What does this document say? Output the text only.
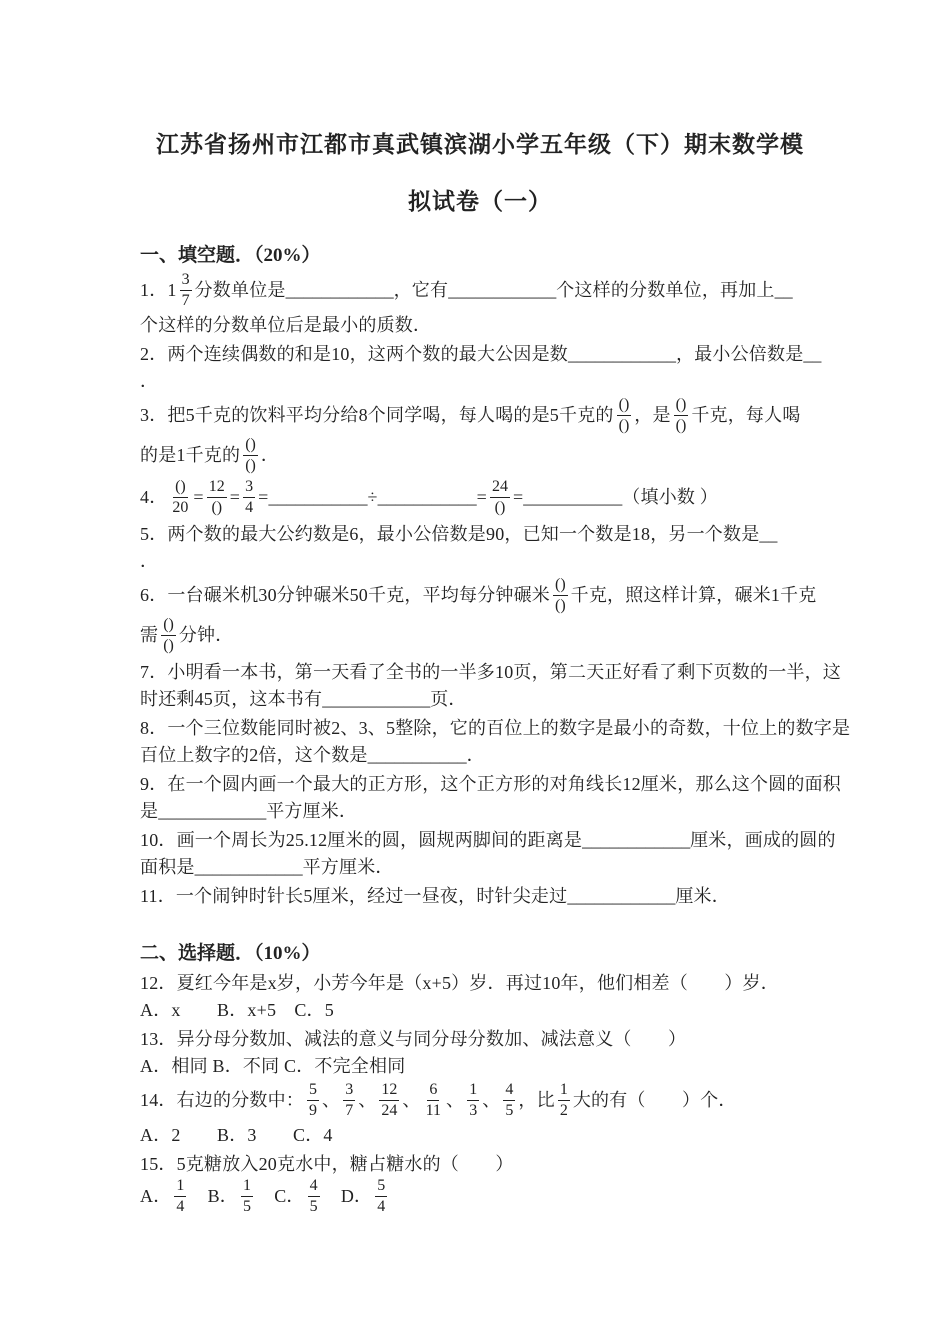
江苏省扬州市江都市真武镇滨湖小学五年级（下）期末数学模
拟试卷（一）
一、填空题．（20%）
1．$1 \frac{3}{7}$ 分数单位是____________，它有____________个这样的分数单位，再加上__
个这样的分数单位后是最小的质数．
2．两个连续偶数的和是10，这两个数的最大公因是数____________，最小公倍数是__
．
3．把5千克的饮料平均分给8个同学喝，每人喝的是5千克的 $\frac{()}{()}$ ，是 $\frac{()}{()}$ 千克，每人喝
的是1千克的 $\frac{()}{()}$ ．
4． $\frac{()}{20} = \frac{12}{()} = \frac{3}{4}$ =___________÷___________= $\frac{24}{()}$ =___________（填小数 ）
5．两个数的最大公约数是6，最小公倍数是90，已知一个数是18，另一个数是__
．
6．一台碾米机30分钟碾米50千克，平均每分钟碾米 $\frac{()}{()}$ 千克，照这样计算，碾米1千克
需 $\frac{()}{()}$ 分钟．
7．小明看一本书，第一天看了全书的一半多10页，第二天正好看了剩下页数的一半，这
时还剩45页，这本书有____________页．
8．一个三位数能同时被2、3、5整除，它的百位上的数字是最小的奇数，十位上的数字是
百位上数字的2倍，这个数是___________．
9．在一个圆内画一个最大的正方形，这个正方形的对角线长12厘米，那么这个圆的面积
是____________平方厘米．
10．画一个周长为25.12厘米的圆，圆规两脚间的距离是____________厘米，画成的圆的
面积是____________平方厘米．
11．一个闹钟时针长5厘米，经过一昼夜，时针尖走过____________厘米．
二、选择题．（10%）
12．夏红今年是x岁，小芳今年是（x+5）岁．再过10年，他们相差（　　）岁．
A．x　　B．x+5　C．5
13．异分母分数加、减法的意义与同分母分数加、减法意义（　　）
A．相同 B．不同 C．不完全相同
14．右边的分数中： $\frac{5}{9}$ 、 $\frac{3}{7}$ 、 $\frac{12}{24}$ 、 $\frac{6}{11}$ 、 $\frac{1}{3}$ 、 $\frac{4}{5}$ ，比 $\frac{1}{2}$ 大的有（　　）个．
A．2　　B．3　　C．4
15．5克糖放入20克水中，糖占糖水的（　　）
A． $\frac{1}{4}$ 　B． $\frac{1}{5}$ 　C． $\frac{4}{5}$ 　D． $\frac{5}{4}$
